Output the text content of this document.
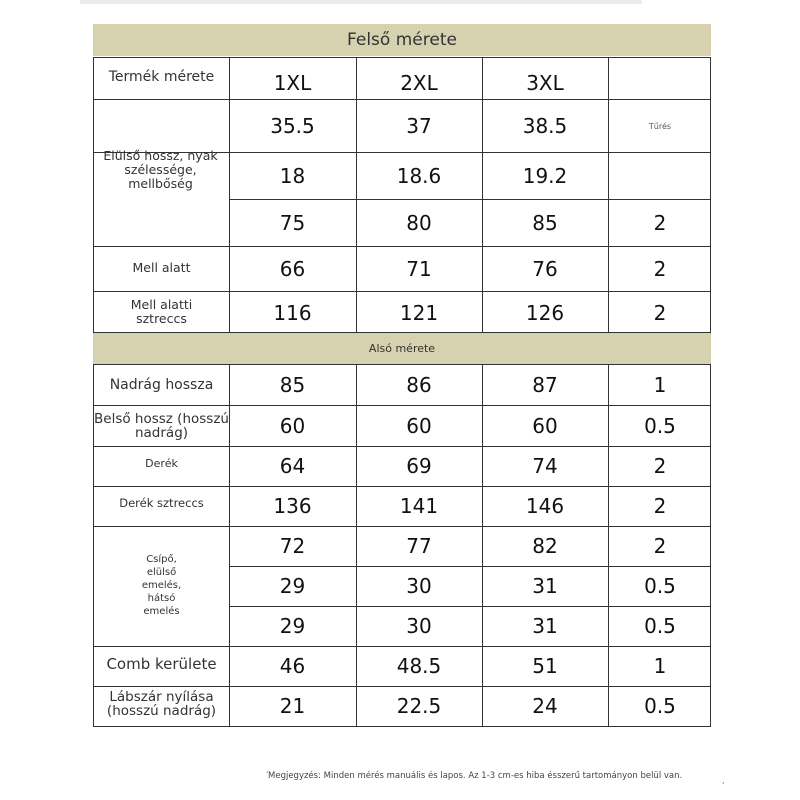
Felső mérete
Termék mérete	1XL	2XL	3XL
Elülső hossz, nyak szélessége, mellbőség
35.5	37	38.5	Tűrés
18	18.6	19.2
75	80	85	2
Mell alatt	66	71	76	2
Mell alatti sztreccs	116	121	126	2
Alsó mérete
Nadrág hossza	85	86	87	1
Belső hossz (hosszú nadrág)	60	60	60	0.5
Derék	64	69	74	2
Derék sztreccs	136	141	146	2
Csípő, elülső emelés, hátsó emelés
72	77	82	2
29	30	31	0.5
29	30	31	0.5
Comb kerülete	46	48.5	51	1
Lábszár nyílása (hosszú nadrág)	21	22.5	24	0.5
ʻ Megjegyzés: Minden mérés manuális és lapos. Az 1-3 cm-es hiba ésszerű tartományon belül van.	,
